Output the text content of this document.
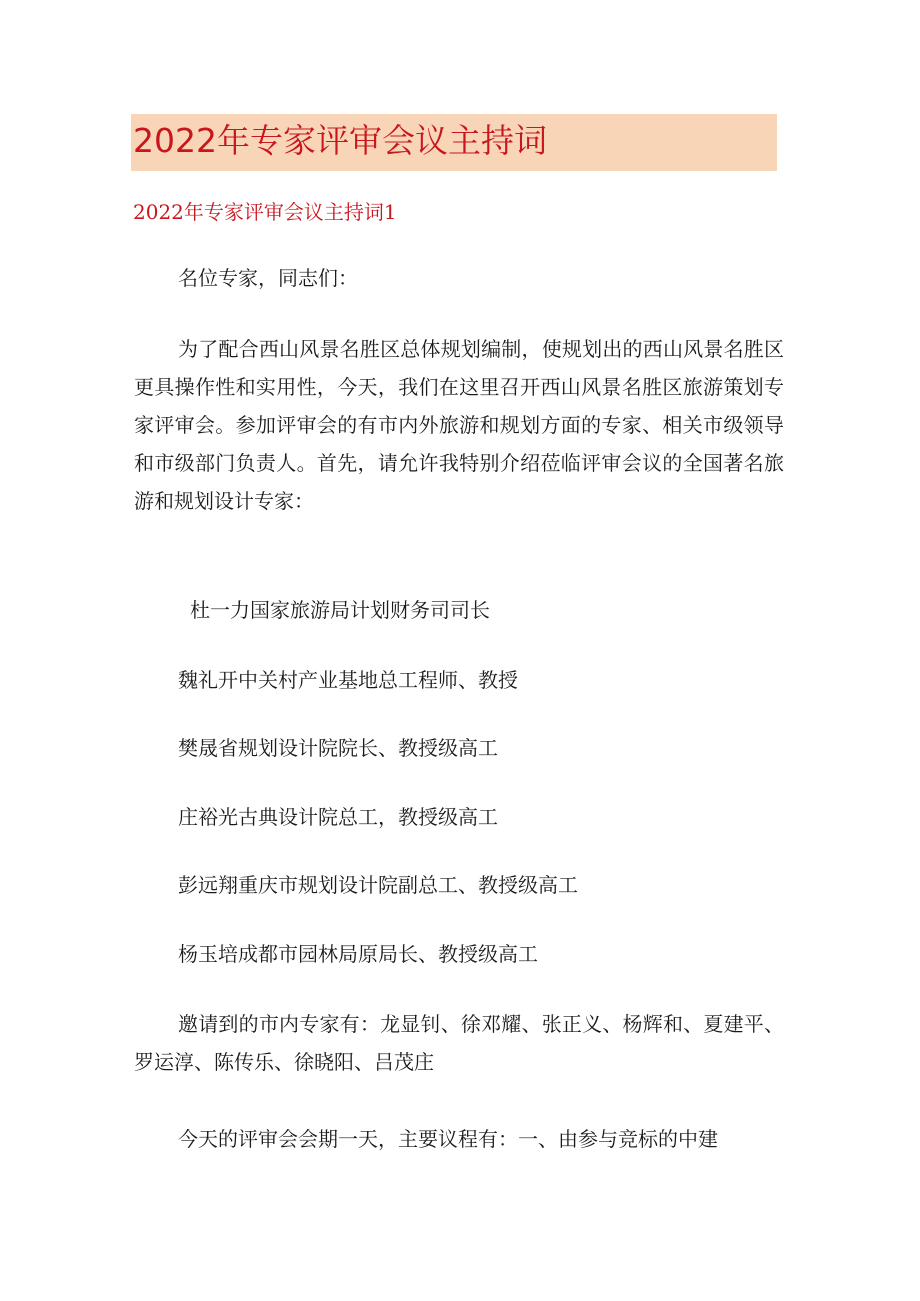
2022年专家评审会议主持词
2022年专家评审会议主持词1

名位专家，同志们：

为了配合西山风景名胜区总体规划编制，使规划出的西山风景名胜区更具操作性和实用性，今天，我们在这里召开西山风景名胜区旅游策划专家评审会。参加评审会的有市内外旅游和规划方面的专家、相关市级领导和市级部门负责人。首先，请允许我特别介绍莅临评审会议的全国著名旅游和规划设计专家：

杜一力国家旅游局计划财务司司长

魏礼开中关村产业基地总工程师、教授

樊晟省规划设计院院长、教授级高工

庄裕光古典设计院总工，教授级高工

彭远翔重庆市规划设计院副总工、教授级高工

杨玉培成都市园林局原局长、教授级高工

邀请到的市内专家有：龙显钊、徐邓耀、张正义、杨辉和、夏建平、罗运淳、陈传乐、徐晓阳、吕茂庄

今天的评审会会期一天，主要议程有：一、由参与竞标的中建
